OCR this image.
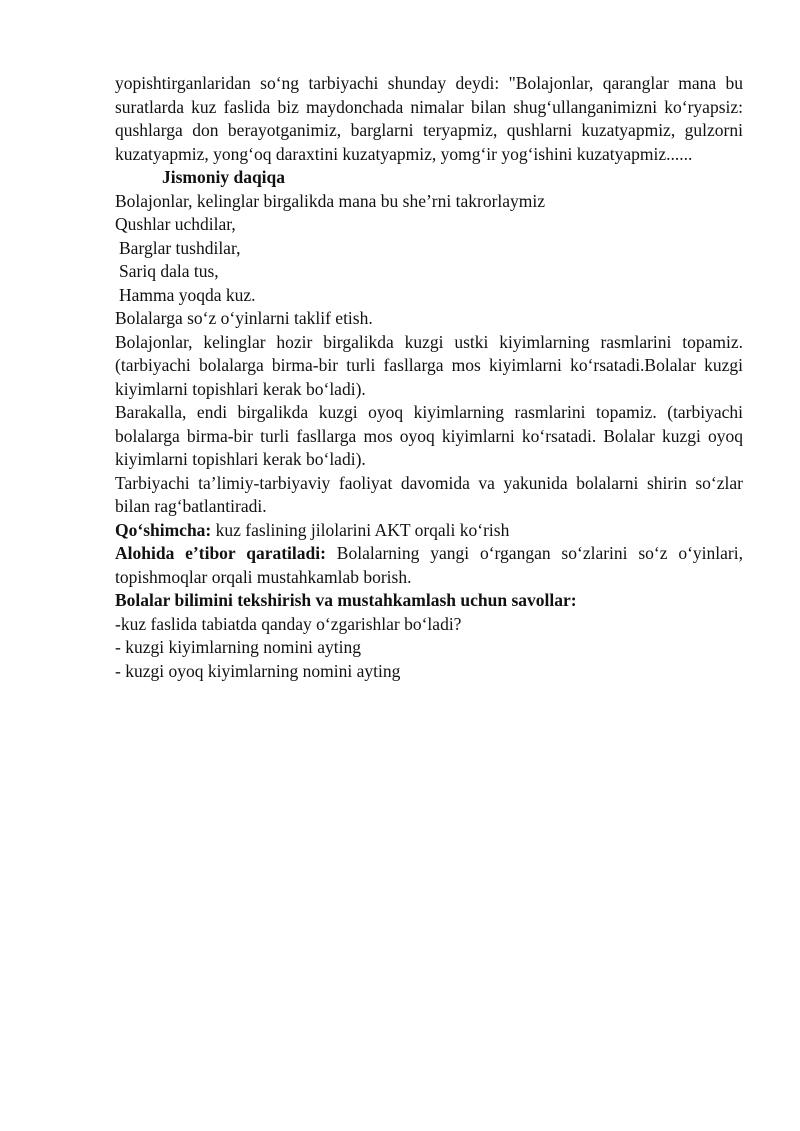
yopishtirganlaridan so‘ng tarbiyachi shunday deydi: "Bolajonlar, qaranglar mana bu suratlarda kuz faslida biz maydonchada nimalar bilan shug‘ullanganimizni ko‘ryapsiz: qushlarga don berayotganimiz, barglarni teryapmiz, qushlarni kuzatyapmiz, gulzorni kuzatyapmiz, yong‘oq daraxtini kuzatyapmiz, yomg‘ir yog‘ishini kuzatyapmiz......

Jismoniy daqiqa

Bolajonlar, kelinglar birgalikda mana bu she’rni takrorlaymiz

Qushlar uchdilar,

Barglar tushdilar,

Sariq dala tus,

Hamma yoqda kuz.

Bolalarga so‘z o‘yinlarni taklif etish.

Bolajonlar, kelinglar hozir birgalikda kuzgi ustki kiyimlarning rasmlarini topamiz.(tarbiyachi bolalarga birma-bir turli fasllarga mos kiyimlarni ko‘rsatadi.Bolalar kuzgi kiyimlarni topishlari kerak bo‘ladi).

Barakalla, endi birgalikda kuzgi oyoq kiyimlarning rasmlarini topamiz. (tarbiyachi bolalarga birma-bir turli fasllarga mos oyoq kiyimlarni ko‘rsatadi. Bolalar kuzgi oyoq kiyimlarni topishlari kerak bo‘ladi).

Tarbiyachi ta’limiy-tarbiyaviy faoliyat davomida va yakunida bolalarni shirin so‘zlar bilan rag‘batlantiradi.

Qo‘shimcha: kuz faslining jilolarini AKT orqali ko‘rish

Alohida e’tibor qaratiladi: Bolalarning yangi o‘rgangan so‘zlarini so‘z o‘yinlari, topishmoqlar orqali mustahkamlab borish.

Bolalar bilimini tekshirish va mustahkamlash uchun savollar:

-kuz faslida tabiatda qanday o‘zgarishlar bo‘ladi?

- kuzgi kiyimlarning nomini ayting

- kuzgi oyoq kiyimlarning nomini ayting
